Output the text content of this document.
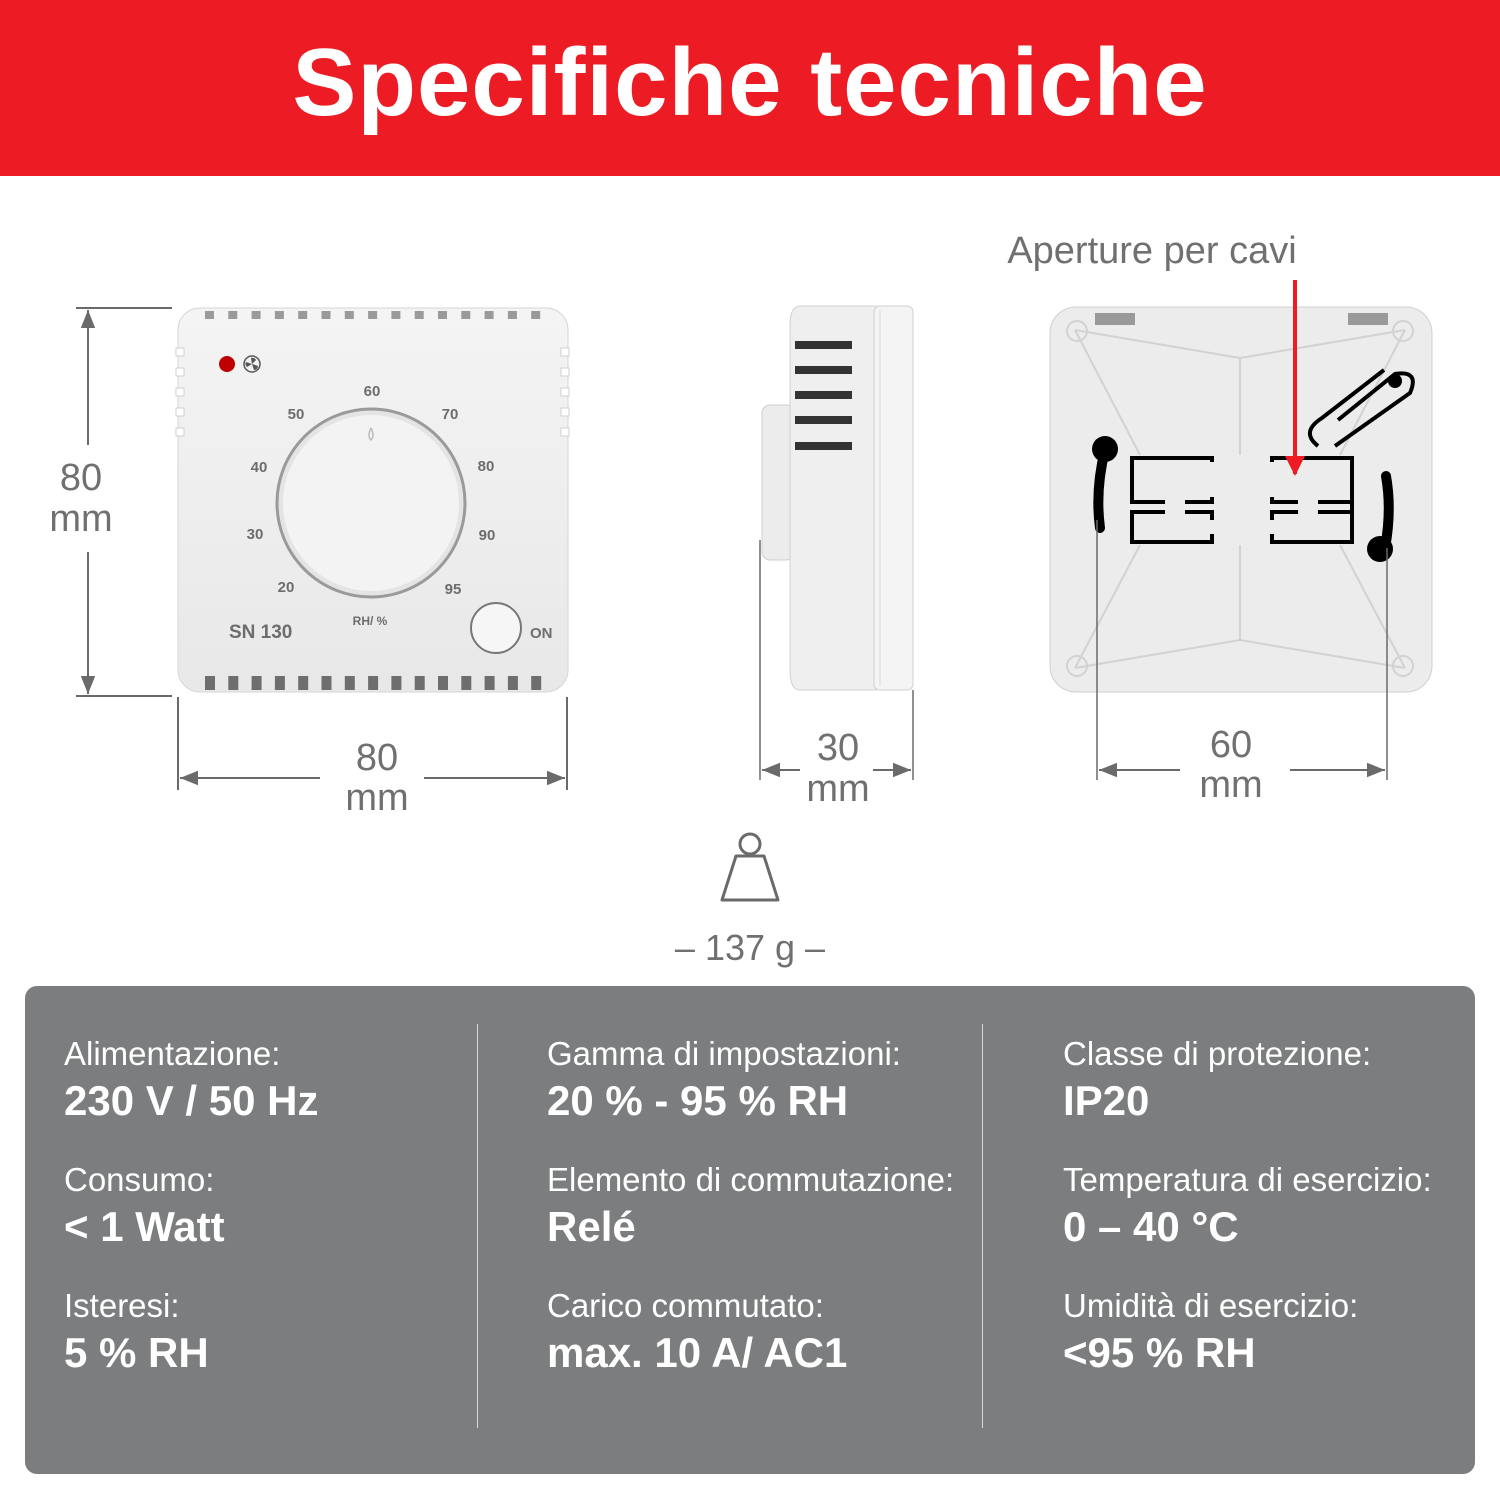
Specifiche tecniche
20
30
40
50
60
70
80
90
95
RH/ %
SN 130	ON
Aperture per cavi
80
mm
80
mm
30
mm
60
mm
– 137 g –
Alimentazione:
230 V / 50 Hz
Consumo:
< 1 Watt
Isteresi:
5 % RH
Gamma di impostazioni:
20 % - 95 % RH
Elemento di commutazione:
Relé
Carico commutato:
max. 10 A/ AC1
Classe di protezione:
IP20
Temperatura di esercizio:
0 – 40 °C
Umidità di esercizio:
<95 % RH
